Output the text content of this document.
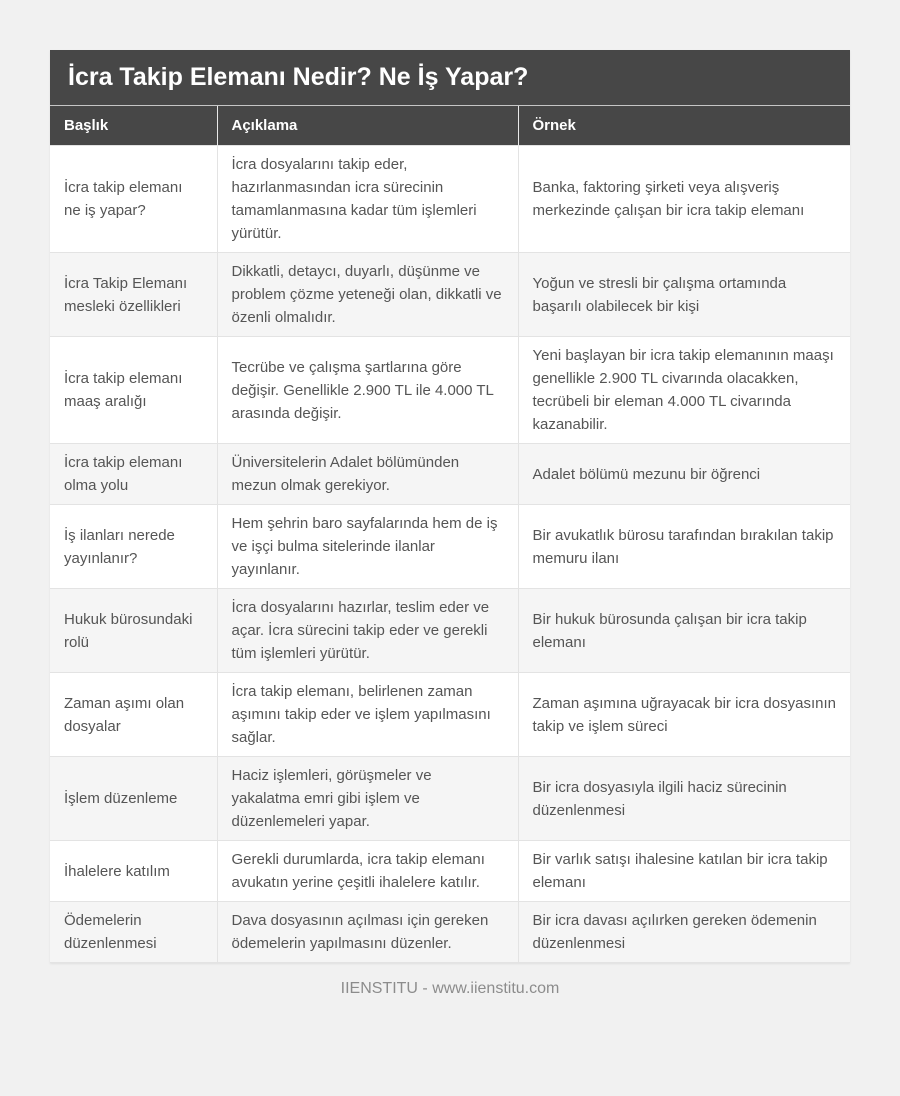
İcra Takip Elemanı Nedir? Ne İş Yapar?
Başlık	Açıklama	Örnek
İcra takip elemanı ne iş yapar?	İcra dosyalarını takip eder, hazırlanmasından icra sürecinin tamamlanmasına kadar tüm işlemleri yürütür.	Banka, faktoring şirketi veya alışveriş merkezinde çalışan bir icra takip elemanı
İcra Takip Elemanı mesleki özellikleri	Dikkatli, detaycı, duyarlı, düşünme ve problem çözme yeteneği olan, dikkatli ve özenli olmalıdır.	Yoğun ve stresli bir çalışma ortamında başarılı olabilecek bir kişi
İcra takip elemanı maaş aralığı	Tecrübe ve çalışma şartlarına göre değişir. Genellikle 2.900 TL ile 4.000 TL arasında değişir.	Yeni başlayan bir icra takip elemanının maaşı genellikle 2.900 TL civarında olacakken, tecrübeli bir eleman 4.000 TL civarında kazanabilir.
İcra takip elemanı olma yolu	Üniversitelerin Adalet bölümünden mezun olmak gerekiyor.	Adalet bölümü mezunu bir öğrenci
İş ilanları nerede yayınlanır?	Hem şehrin baro sayfalarında hem de iş ve işçi bulma sitelerinde ilanlar yayınlanır.	Bir avukatlık bürosu tarafından bırakılan takip memuru ilanı
Hukuk bürosundaki rolü	İcra dosyalarını hazırlar, teslim eder ve açar. İcra sürecini takip eder ve gerekli tüm işlemleri yürütür.	Bir hukuk bürosunda çalışan bir icra takip elemanı
Zaman aşımı olan dosyalar	İcra takip elemanı, belirlenen zaman aşımını takip eder ve işlem yapılmasını sağlar.	Zaman aşımına uğrayacak bir icra dosyasının takip ve işlem süreci
İşlem düzenleme	Haciz işlemleri, görüşmeler ve yakalatma emri gibi işlem ve düzenlemeleri yapar.	Bir icra dosyasıyla ilgili haciz sürecinin düzenlenmesi
İhalelere katılım	Gerekli durumlarda, icra takip elemanı avukatın yerine çeşitli ihalelere katılır.	Bir varlık satışı ihalesine katılan bir icra takip elemanı
Ödemelerin düzenlenmesi	Dava dosyasının açılması için gereken ödemelerin yapılmasını düzenler.	Bir icra davası açılırken gereken ödemenin düzenlenmesi
IIENSTITU - www.iienstitu.com
